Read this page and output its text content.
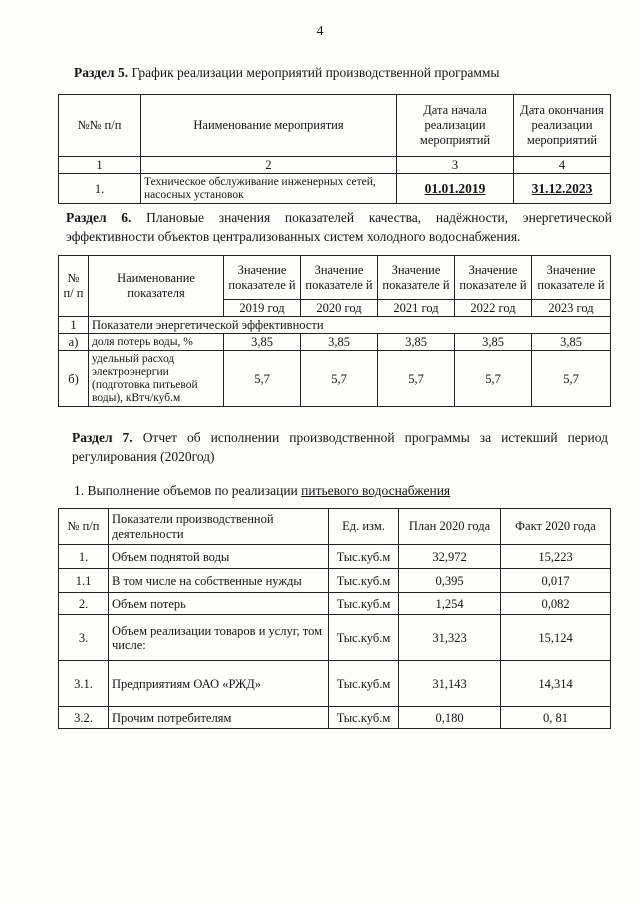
4
Раздел 5. График реализации мероприятий производственной программы
№№ п/п	Наименование мероприятия	Дата начала реализации мероприятий	Дата окончания реализации мероприятий
1	2	3	4
1.	Техническое обслуживание инженерных сетей, насосных установок	01.01.2019	31.12.2023
Раздел 6. Плановые значения показателей качества, надёжности, энергетической эффективности объектов централизованных систем холодного водоснабжения.
№ п/ п	Наименование показателя	Значение показателе й	Значение показателе й	Значение показателе й	Значение показателе й	Значение показателе й
		2019 год	2020 год	2021 год	2022 год	2023 год
1	Показатели энергетической эффективности					
а)	доля потерь воды, %	3,85	3,85	3,85	3,85	3,85
б)	удельный расход электроэнергии (подготовка питьевой воды), кВтч/куб.м	5,7	5,7	5,7	5,7	5,7
Раздел 7. Отчет об исполнении производственной программы за истекший период регулирования (2020год)
1. Выполнение объемов по реализации питьевого водоснабжения
№ п/п	Показатели производственной деятельности	Ед. изм.	План 2020 года	Факт 2020 года
1.	Объем поднятой воды	Тыс.куб.м	32,972	15,223
1.1	В том числе на собственные нужды	Тыс.куб.м	0,395	0,017
2.	Объем потерь	Тыс.куб.м	1,254	0,082
3.	Объем реализации товаров и услуг, том числе:	Тыс.куб.м	31,323	15,124
3.1.	Предприятиям ОАО «РЖД»	Тыс.куб.м	31,143	14,314
3.2.	Прочим потребителям	Тыс.куб.м	0,180	0, 81
